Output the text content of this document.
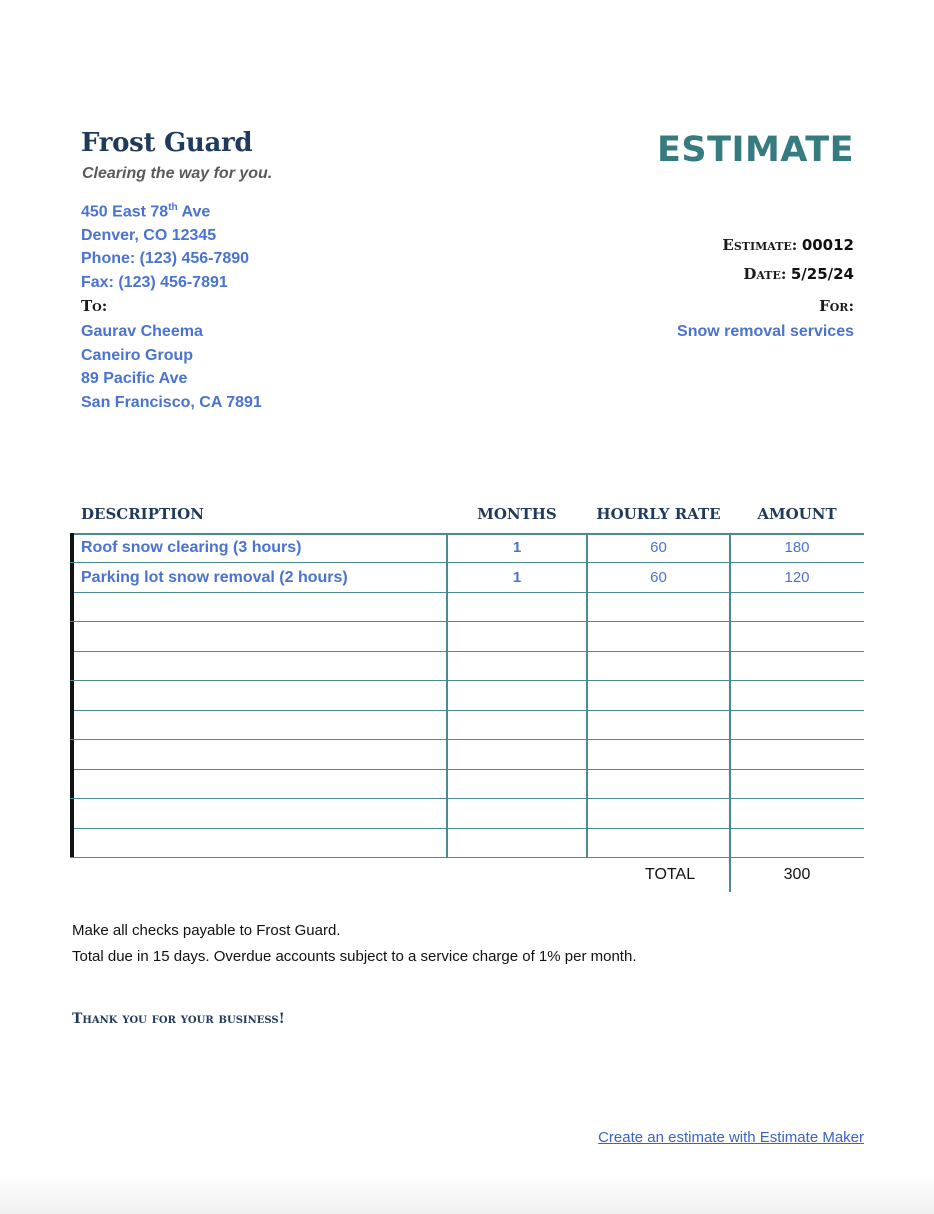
Frost Guard
Clearing the way for you.
ESTIMATE
450 East 78th Ave
Denver, CO 12345
Phone: (123) 456-7890
Fax: (123) 456-7891
To:
Gaurav Cheema
Caneiro Group
89 Pacific Ave
San Francisco, CA 7891
Estimate: 00012
Date: 5/25/24
For:
Snow removal services
DESCRIPTION	MONTHS	HOURLY RATE	AMOUNT
Roof snow clearing (3 hours)	1	60	180
Parking lot snow removal (2 hours)	1	60	120
TOTAL	300
Make all checks payable to Frost Guard.
Total due in 15 days. Overdue accounts subject to a service charge of 1% per month.
Thank you for your business!
Create an estimate with Estimate Maker
